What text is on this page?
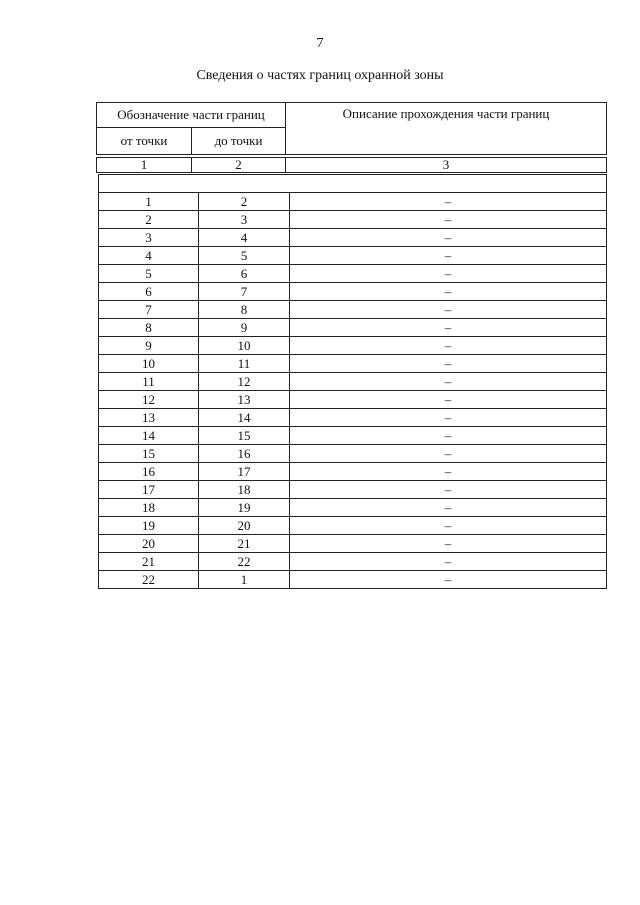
7
Сведения о частях границ охранной зоны
Обозначение части границ		Описание прохождения части границ
от точки	до точки	
1	2	3

1	2	–
2	3	–
3	4	–
4	5	–
5	6	–
6	7	–
7	8	–
8	9	–
9	10	–
10	11	–
11	12	–
12	13	–
13	14	–
14	15	–
15	16	–
16	17	–
17	18	–
18	19	–
19	20	–
20	21	–
21	22	–
22	1	–
